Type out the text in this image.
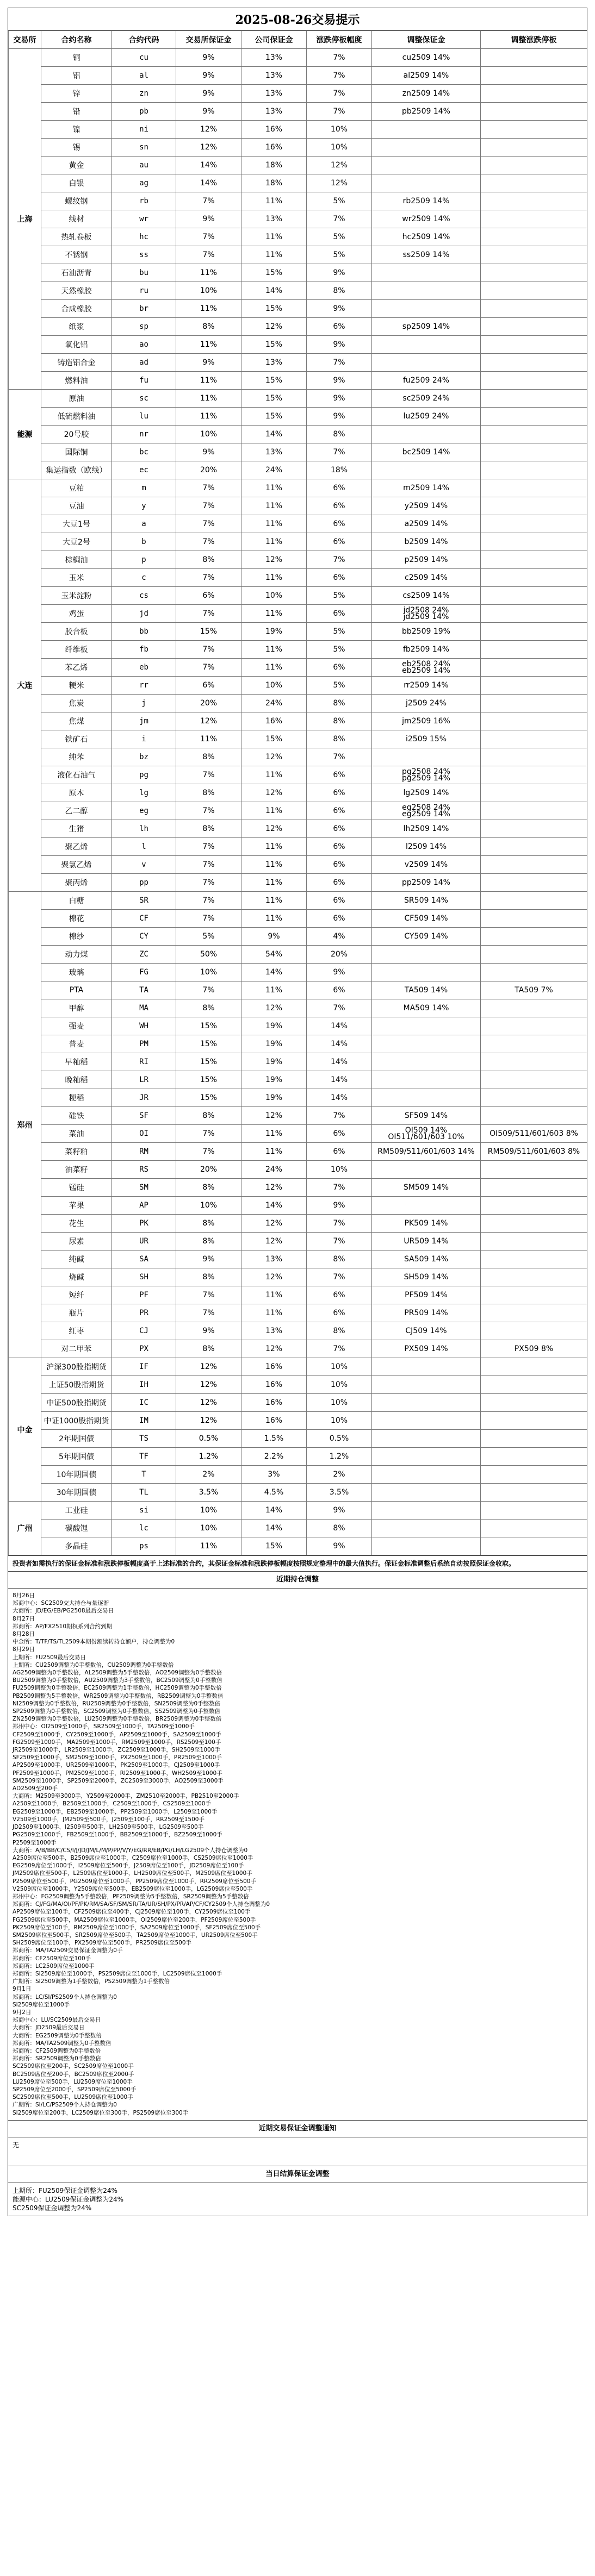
2025-08-26交易提示
交易所	合约名称	合约代码	交易所保证金	公司保证金	涨跌停板幅度	调整保证金	调整涨跌停板
上海	铜	cu	9%	13%	7%	cu2509 14%	
	铝	al	9%	13%	7%	al2509 14%	
	锌	zn	9%	13%	7%	zn2509 14%	
	铅	pb	9%	13%	7%	pb2509 14%	
	镍	ni	12%	16%	10%		
	锡	sn	12%	16%	10%		
	黄金	au	14%	18%	12%		
	白银	ag	14%	18%	12%		
	螺纹钢	rb	7%	11%	5%	rb2509 14%	
	线材	wr	9%	13%	7%	wr2509 14%	
	热轧卷板	hc	7%	11%	5%	hc2509 14%	
	不锈钢	ss	7%	11%	5%	ss2509 14%	
	石油沥青	bu	11%	15%	9%		
	天然橡胶	ru	10%	14%	8%		
	合成橡胶	br	11%	15%	9%		
	纸浆	sp	8%	12%	6%	sp2509 14%	
	氧化铝	ao	11%	15%	9%		
	铸造铝合金	ad	9%	13%	7%		
	燃料油	fu	11%	15%	9%	fu2509 24%	
能源	原油	sc	11%	15%	9%	sc2509 24%	
	低硫燃料油	lu	11%	15%	9%	lu2509 24%	
	20号胶	nr	10%	14%	8%		
	国际铜	bc	9%	13%	7%	bc2509 14%	
	集运指数（欧线）	ec	20%	24%	18%		
大连	豆粕	m	7%	11%	6%	m2509 14%	
	豆油	y	7%	11%	6%	y2509 14%	
	大豆1号	a	7%	11%	6%	a2509 14%	
	大豆2号	b	7%	11%	6%	b2509 14%	
	棕榈油	p	8%	12%	7%	p2509 14%	
	玉米	c	7%	11%	6%	c2509 14%	
	玉米淀粉	cs	6%	10%	5%	cs2509 14%	
	鸡蛋	jd	7%	11%	6%	jd2508 24%
jd2509 14%	
	胶合板	bb	15%	19%	5%	bb2509 19%	
	纤维板	fb	7%	11%	5%	fb2509 14%	
	苯乙烯	eb	7%	11%	6%	eb2508 24%
eb2509 14%	
	粳米	rr	6%	10%	5%	rr2509 14%	
	焦炭	j	20%	24%	8%	j2509 24%	
	焦煤	jm	12%	16%	8%	jm2509 16%	
	铁矿石	i	11%	15%	8%	i2509 15%	
	纯苯	bz	8%	12%	7%		
	液化石油气	pg	7%	11%	6%	pg2508 24%
pg2509 14%	
	原木	lg	8%	12%	6%	lg2509 14%	
	乙二醇	eg	7%	11%	6%	eg2508 24%
eg2509 14%	
	生猪	lh	8%	12%	6%	lh2509 14%	
	聚乙烯	l	7%	11%	6%	l2509 14%	
	聚氯乙烯	v	7%	11%	6%	v2509 14%	
	聚丙烯	pp	7%	11%	6%	pp2509 14%	
郑州	白糖	SR	7%	11%	6%	SR509 14%	
	棉花	CF	7%	11%	6%	CF509 14%	
	棉纱	CY	5%	9%	4%	CY509 14%	
	动力煤	ZC	50%	54%	20%		
	玻璃	FG	10%	14%	9%		
	PTA	TA	7%	11%	6%	TA509 14%	TA509 7%
	甲醇	MA	8%	12%	7%	MA509 14%	
	强麦	WH	15%	19%	14%		
	普麦	PM	15%	19%	14%		
	早籼稻	RI	15%	19%	14%		
	晚籼稻	LR	15%	19%	14%		
	粳稻	JR	15%	19%	14%		
	硅铁	SF	8%	12%	7%	SF509 14%	
	菜油	OI	7%	11%	6%	OI509 14%
OI511/601/603 10%	OI509/511/601/603 8%
	菜籽粕	RM	7%	11%	6%	RM509/511/601/603 14%	RM509/511/601/603 8%
	油菜籽	RS	20%	24%	10%		
	锰硅	SM	8%	12%	7%	SM509 14%	
	苹果	AP	10%	14%	9%		
	花生	PK	8%	12%	7%	PK509 14%	
	尿素	UR	8%	12%	7%	UR509 14%	
	纯碱	SA	9%	13%	8%	SA509 14%	
	烧碱	SH	8%	12%	7%	SH509 14%	
	短纤	PF	7%	11%	6%	PF509 14%	
	瓶片	PR	7%	11%	6%	PR509 14%	
	红枣	CJ	9%	13%	8%	CJ509 14%	
	对二甲苯	PX	8%	12%	7%	PX509 14%	PX509 8%
中金	沪深300股指期货	IF	12%	16%	10%		
	上证50股指期货	IH	12%	16%	10%		
	中证500股指期货	IC	12%	16%	10%		
	中证1000股指期货	IM	12%	16%	10%		
	2年期国债	TS	0.5%	1.5%	0.5%		
	5年期国债	TF	1.2%	2.2%	1.2%		
	10年期国债	T	2%	3%	2%		
	30年期国债	TL	3.5%	4.5%	3.5%		
广州	工业硅	si	10%	14%	9%		
	碳酸锂	lc	10%	14%	8%		
	多晶硅	ps	11%	15%	9%		
投资者如需执行的保证金标准和涨跌停板幅度高于上述标准的合约，其保证金标准和涨跌停板幅度按照规定整理中的最大值执行。保证金标准调整后系统自动按照保证金收取。
近期持仓调整
8月26日
郑商中心：SC2509交大持仓与量逐渐
大商所：JD/EG/EB/PG2508最后交易日
8月27日
郑商所：AP/FX2510期权系列合约到期
8月28日
中金所：T/TF/TS/TL2509本期份额续转持仓额户，持仓调整为0
8月29日
上期所：FU2509最后交易日
上期所：CU2509调整为0手整数倍，CU2509调整为0手整数倍
AG2509调整为0手整数倍，AL2509调整为5手整数倍，AO2509调整为0手整数倍
BU2509调整为0手整数倍，AU2509调整为3手整数倍，BC2509调整为0手整数倍
FU2509调整为0手整数倍，EC2509调整为1手整数倍，HC2509调整为0手整数倍
PB2509调整为5手整数倍，WR2509调整为0手整数倍，RB2509调整为0手整数倍
NI2509调整为0手整数倍，RU2509调整为0手整数倍，SN2509调整为0手整数倍
SP2509调整为0手整数倍，SC2509调整为0手整数倍，SS2509调整为0手整数倍
ZN2509调整为0手整数倍，LU2509调整为0手整数倍，BR2509调整为0手整数倍
郑州中心：OI2509至1000手，SR2509至1000手，TA2509至1000手
CF2509至1000手，CY2509至1000手，AP2509至1000手，SA2509至1000手
FG2509至1000手，MA2509至1000手，RM2509至1000手，RS2509至100手
JR2509至1000手，LR2509至1000手，ZC2509至1000手，SH2509至1000手
SF2509至1000手，SM2509至1000手，PX2509至1000手，PR2509至1000手
AP2509至1000手，UR2509至1000手，PK2509至1000手，CJ2509至1000手
PF2509至1000手，PM2509至1000手，RI2509至1000手，WH2509至1000手
SM2509至1000手，SP2509至2000手，ZC2509至3000手，AO2509至3000手
AD2509至200手
大商所：M2509至3000手，Y2509至2000手，ZM2510至2000手，PB2510至2000手
A2509至1000手，B2509至1000手，C2509至1000手，CS2509至1000手
EG2509至1000手，EB2509至1000手，PP2509至1000手，L2509至1000手
V2509至1000手，JM2509至500手，J2509至100手，RR2509至1500手
JD2509至1000手，I2509至500手，LH2509至500手，LG2509至500手
PG2509至1000手，FB2509至1000手，BB2509至1000手，BZ2509至1000手
P2509至1000手
大商所：A/B/BB/C/CS/I/J/JD/JM/L/M/P/PP/V/Y/EG/RR/EB/PG/LH/LG2509个人持仓调整为0
A2509席位至500手，B2509席位至1000手，C2509席位至1000手，CS2509席位至1000手
EG2509席位至1000手，I2509席位至500手，J2509席位至100手，JD2509席位至100手
JM2509席位至500手，L2509席位至1000手，LH2509席位至500手，M2509席位至1000手
P2509席位至500手，PG2509席位至1000手，PP2509席位至1000手，RR2509席位至500手
V2509席位至1000手，Y2509席位至500手，EB2509席位至1000手，LG2509席位至500手
郑州中心：FG2509调整为5手整数倍，PF2509调整为5手整数倍，SR2509调整为5手整数倍
郑商所：CJ/FG/MA/OI/PF/PK/RM/SA/SF/SM/SR/TA/UR/SH/PX/PR/AP/CF/CY2509个人持仓调整为0
AP2509席位至100手，CF2509席位至400手，CJ2509席位至100手，CY2509席位至100手
FG2509席位至500手，MA2509席位至1000手，OI2509席位至200手，PF2509席位至500手
PK2509席位至100手，RM2509席位至1000手，SA2509席位至1000手，SF2509席位至500手
SM2509席位至500手，SR2509席位至500手，TA2509席位至1000手，UR2509席位至500手
SH2509席位至100手，PX2509席位至500手，PR2509席位至500手
郑商所：MA/TA2509交易保证金调整为0手
郑商所：CF2509席位至100手
郑商所：LC2509席位至1000手
郑商所：SI2509席位至1000手，PS2509席位至1000手，LC2509席位至1000手
广期所：SI2509调整为1手整数倍，PS2509调整为1手整数倍
9月1日
郑商所：LC/SI/PS2509个人持仓调整为0
SI2509席位至1000手
9月2日
郑商中心：LU/SC2509最后交易日
大商所：JD2509最后交易日
大商所：EG2509调整为0手整数倍
郑商所：MA/TA2509调整为0手整数倍
郑商所：CF2509调整为0手整数倍
郑商所：SR2509调整为0手整数倍
SC2509席位至200手，SC2509席位至1000手
BC2509席位至200手，BC2509席位至2000手
LU2509席位至500手，LU2509席位至1000手
SP2509席位至2000手，SP2509席位至5000手
SC2509席位至500手，LU2509席位至1000手
广期所：SI/LC/PS2509个人持仓调整为0
SI2509席位至200手，LC2509席位至300手，PS2509席位至300手
近期交易保证金调整通知
无
当日结算保证金调整
上期所：FU2509保证金调整为24%
能源中心：LU2509保证金调整为24%
SC2509保证金调整为24%
